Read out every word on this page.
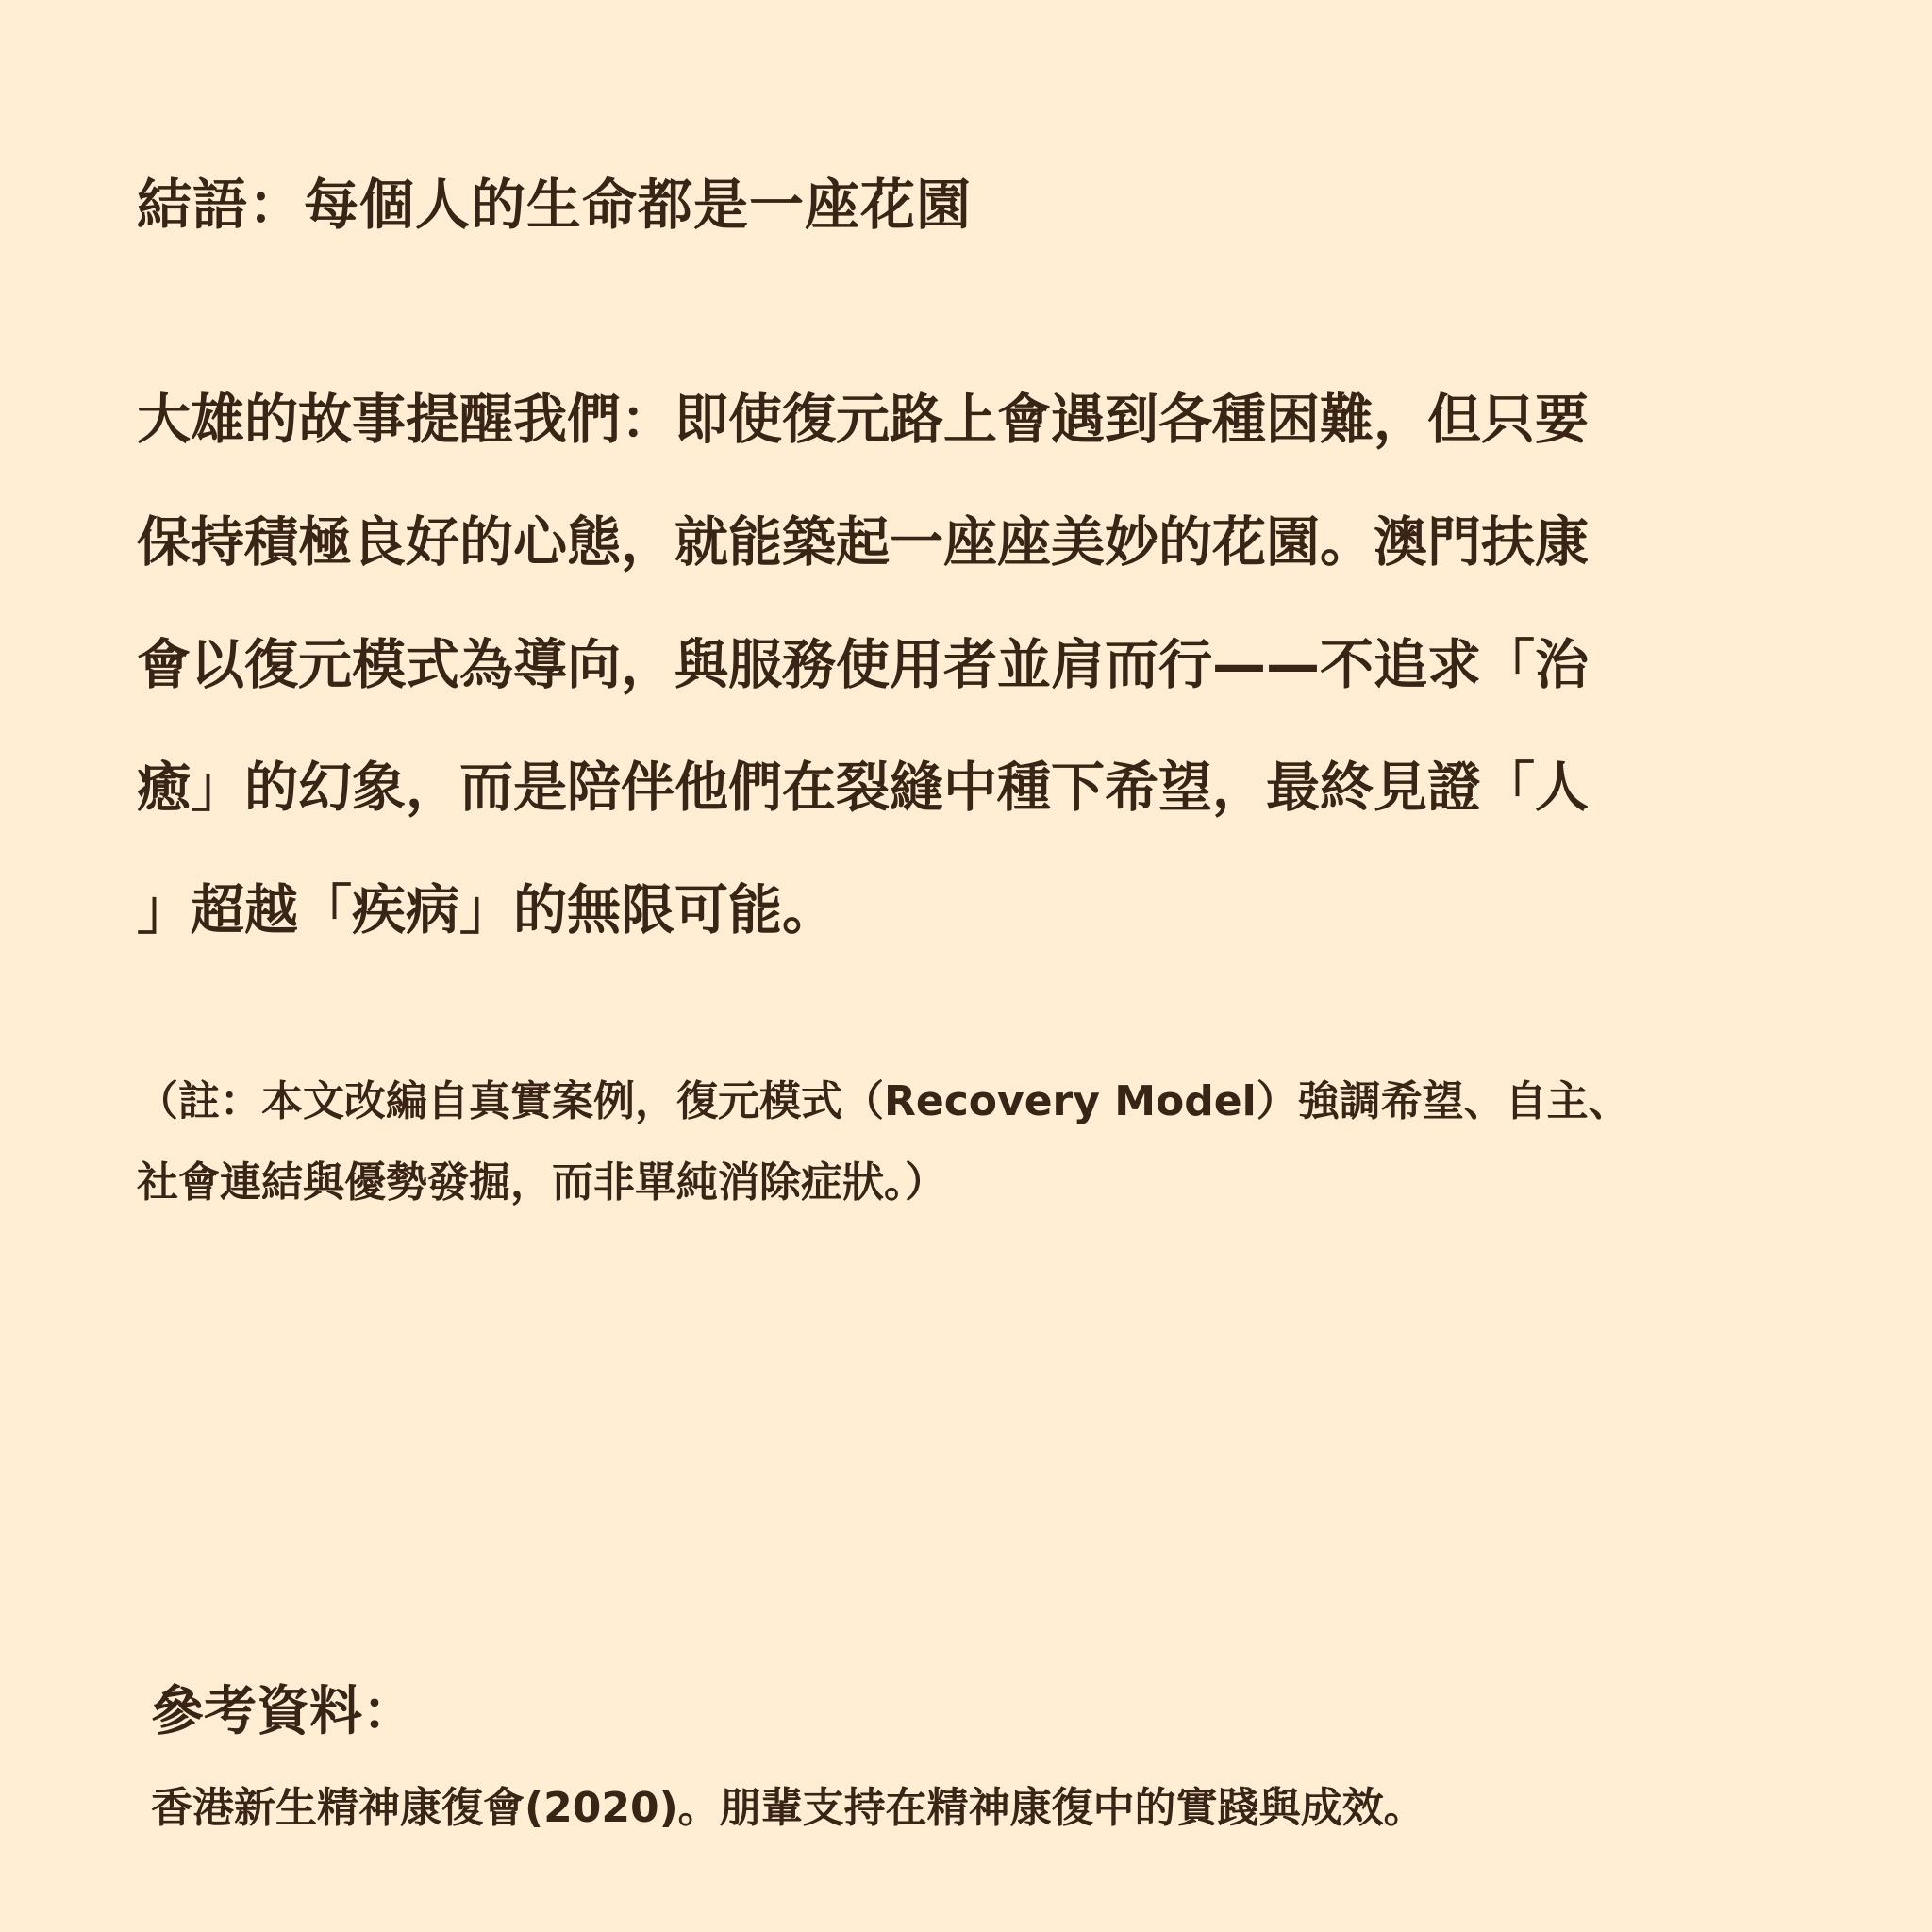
結語：每個人的生命都是一座花園
大雄的故事提醒我們：即使復元路上會遇到各種困難，但只要
保持積極良好的心態，就能築起一座座美妙的花園。澳門扶康
會以復元模式為導向，與服務使用者並肩而行——不追求「治
癒」的幻象，而是陪伴他們在裂縫中種下希望，最終見證「人
」超越「疾病」的無限可能。
（註：本文改編自真實案例，復元模式（Recovery Model）強調希望、自主、
社會連結與優勢發掘，而非單純消除症狀。）
參考資料：
香港新生精神康復會(2020)。朋輩支持在精神康復中的實踐與成效。
